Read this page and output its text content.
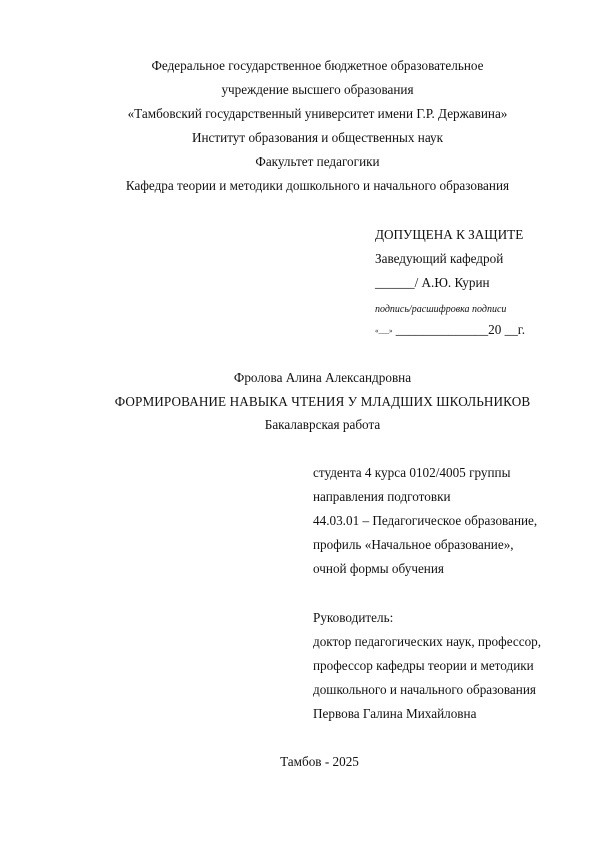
Федеральное государственное бюджетное образовательное
учреждение высшего образования
«Тамбовский государственный университет имени Г.Р. Державина»
Институт образования и общественных наук
Факультет педагогики
Кафедра теории и методики дошкольного и начального образования
ДОПУЩЕНА К ЗАЩИТЕ
Заведующий кафедрой
______/ А.Ю. Курин
подпись/расшифровка подписи
«___» ______________20 __г.
Фролова Алина Александровна
ФОРМИРОВАНИЕ НАВЫКА ЧТЕНИЯ У МЛАДШИХ ШКОЛЬНИКОВ
Бакалаврская работа
студента 4 курса 0102/4005 группы
направления подготовки
44.03.01 – Педагогическое образование,
профиль «Начальное образование»,
очной формы обучения
Руководитель:
доктор педагогических наук, профессор,
профессор кафедры теории и методики
дошкольного и начального образования
Первова Галина Михайловна
Тамбов - 2025
